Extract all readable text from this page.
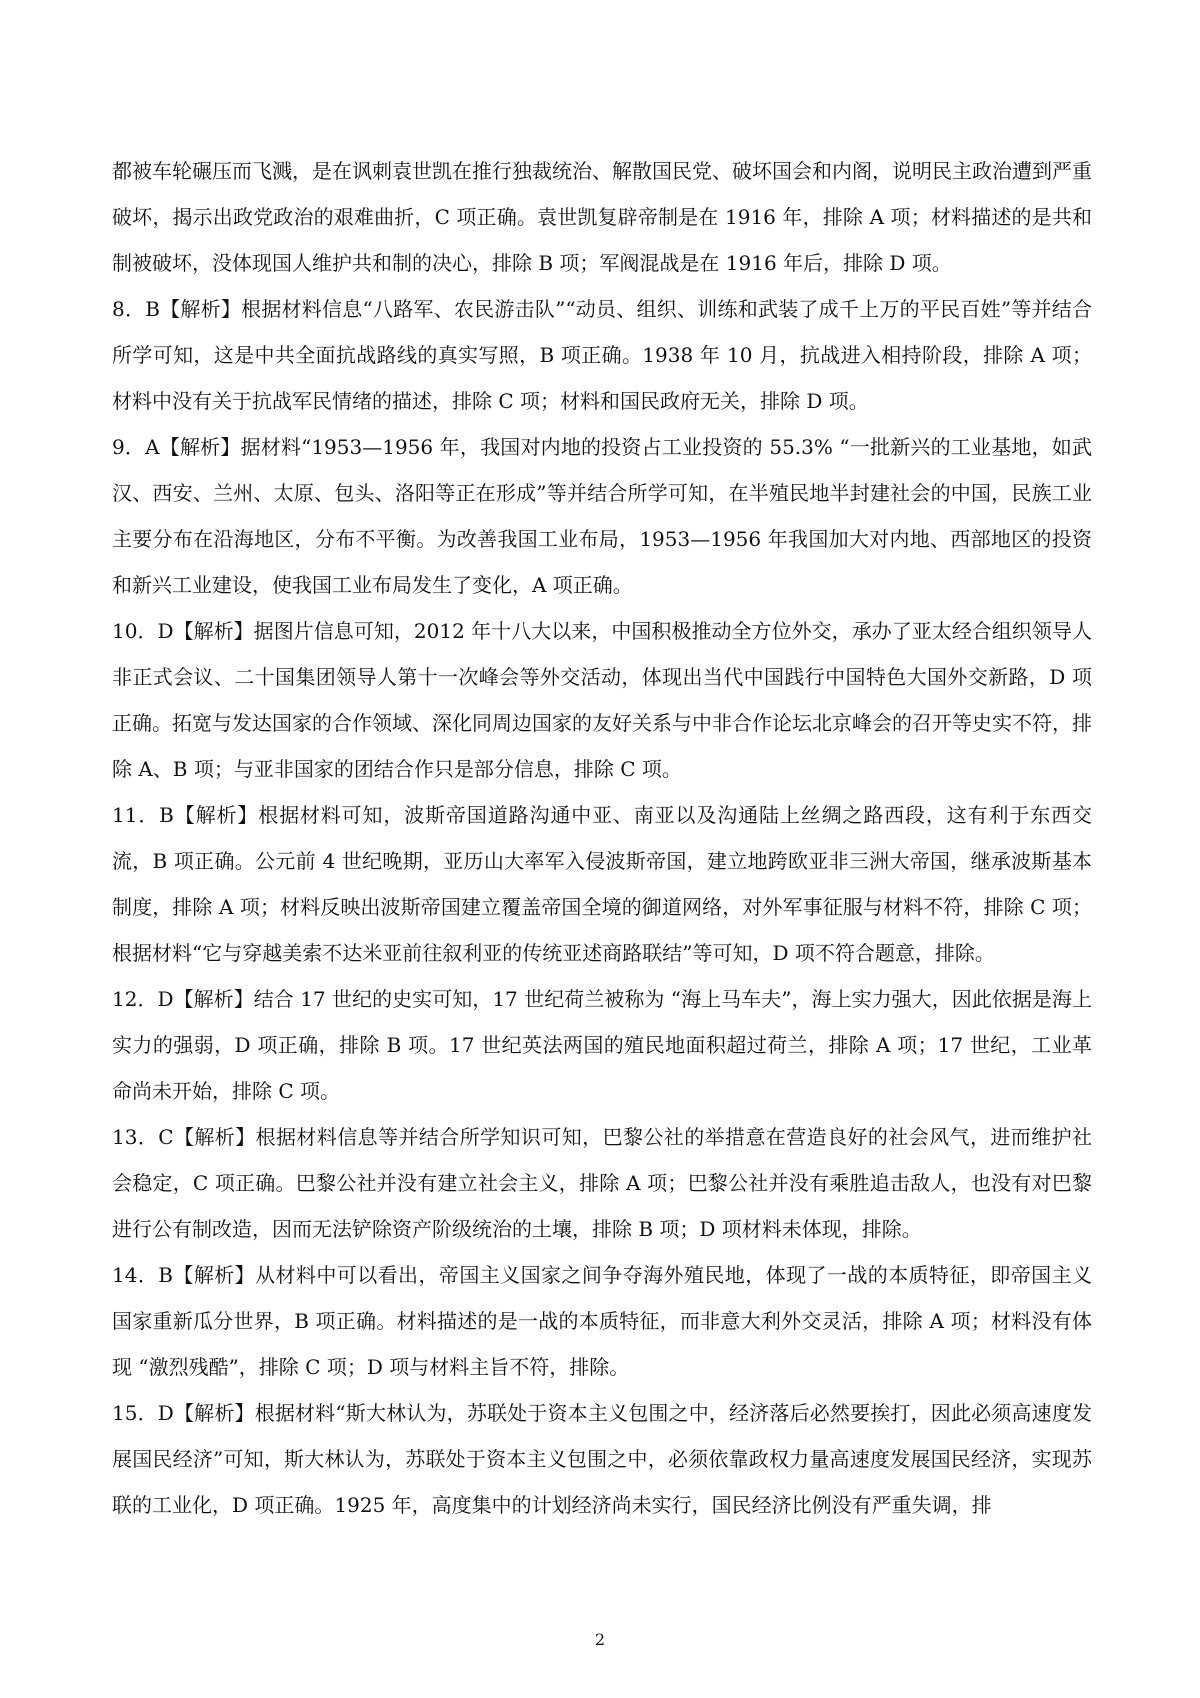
都被车轮碾压而飞溅，是在讽刺袁世凯在推行独裁统治、解散国民党、破坏国会和内阁，说明民主政治遭到严重破坏，揭示出政党政治的艰难曲折，C 项正确。袁世凯复辟帝制是在 1916 年，排除 A 项；材料描述的是共和制被破坏，没体现国人维护共和制的决心，排除 B 项；军阀混战是在 1916 年后，排除 D 项。

8．B【解析】根据材料信息“八路军、农民游击队”“动员、组织、训练和武装了成千上万的平民百姓”等并结合所学可知，这是中共全面抗战路线的真实写照，B 项正确。1938 年 10 月，抗战进入相持阶段，排除 A 项；材料中没有关于抗战军民情绪的描述，排除 C 项；材料和国民政府无关，排除 D 项。

9．A【解析】据材料“1953—1956 年，我国对内地的投资占工业投资的 55.3% “一批新兴的工业基地，如武汉、西安、兰州、太原、包头、洛阳等正在形成”等并结合所学可知，在半殖民地半封建社会的中国，民族工业主要分布在沿海地区，分布不平衡。为改善我国工业布局，1953—1956 年我国加大对内地、西部地区的投资和新兴工业建设，使我国工业布局发生了变化，A 项正确。

10．D【解析】据图片信息可知，2012 年十八大以来，中国积极推动全方位外交，承办了亚太经合组织领导人非正式会议、二十国集团领导人第十一次峰会等外交活动，体现出当代中国践行中国特色大国外交新路，D 项正确。拓宽与发达国家的合作领域、深化同周边国家的友好关系与中非合作论坛北京峰会的召开等史实不符，排除 A、B 项；与亚非国家的团结合作只是部分信息，排除 C 项。

11．B【解析】根据材料可知，波斯帝国道路沟通中亚、南亚以及沟通陆上丝绸之路西段，这有利于东西交流，B 项正确。公元前 4 世纪晚期，亚历山大率军入侵波斯帝国，建立地跨欧亚非三洲大帝国，继承波斯基本制度，排除 A 项；材料反映出波斯帝国建立覆盖帝国全境的御道网络，对外军事征服与材料不符，排除 C 项；根据材料“它与穿越美索不达米亚前往叙利亚的传统亚述商路联结”等可知，D 项不符合题意，排除。

12．D【解析】结合 17 世纪的史实可知，17 世纪荷兰被称为 “海上马车夫”，海上实力强大，因此依据是海上实力的强弱，D 项正确，排除 B 项。17 世纪英法两国的殖民地面积超过荷兰，排除 A 项；17 世纪，工业革命尚未开始，排除 C 项。

13．C【解析】根据材料信息等并结合所学知识可知，巴黎公社的举措意在营造良好的社会风气，进而维护社会稳定，C 项正确。巴黎公社并没有建立社会主义，排除 A 项；巴黎公社并没有乘胜追击敌人，也没有对巴黎进行公有制改造，因而无法铲除资产阶级统治的土壤，排除 B 项；D 项材料未体现，排除。

14．B【解析】从材料中可以看出，帝国主义国家之间争夺海外殖民地，体现了一战的本质特征，即帝国主义国家重新瓜分世界，B 项正确。材料描述的是一战的本质特征，而非意大利外交灵活，排除 A 项；材料没有体现 “激烈残酷”，排除 C 项；D 项与材料主旨不符，排除。

15．D【解析】根据材料“斯大林认为，苏联处于资本主义包围之中，经济落后必然要挨打，因此必须高速度发展国民经济”可知，斯大林认为，苏联处于资本主义包围之中，必须依靠政权力量高速度发展国民经济，实现苏联的工业化，D 项正确。1925 年，高度集中的计划经济尚未实行，国民经济比例没有严重失调，排

2
